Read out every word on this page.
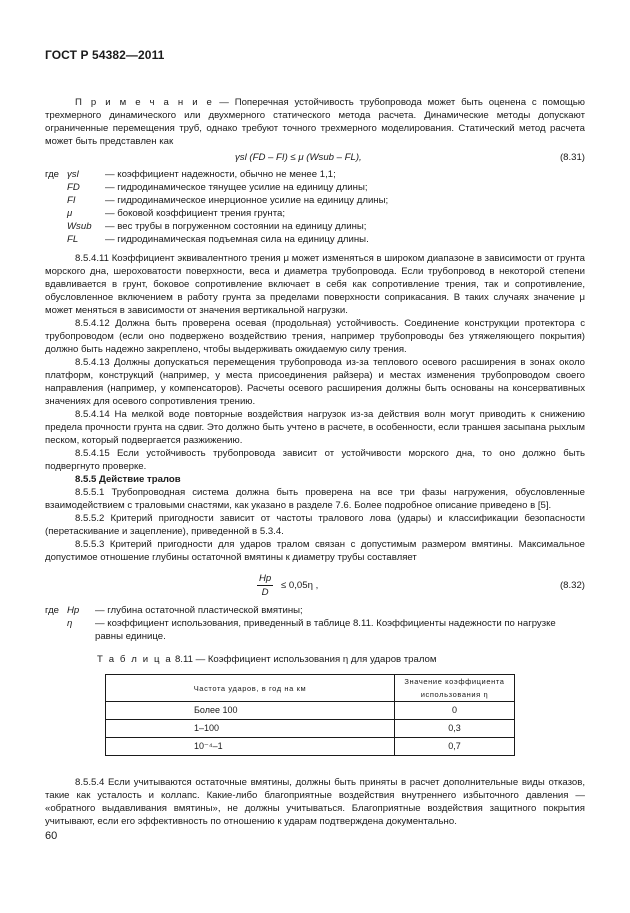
ГОСТ Р 54382—2011

П р и м е ч а н и е — Поперечная устойчивость трубопровода может быть оценена с помощью трехмерного динамического или двухмерного статического метода расчета. Динамические методы допускают ограниченные перемещения труб, однако требуют точного трехмерного моделирования. Статический метод расчета может быть представлен как

γsl (FD – FI) ≤ μ (Wsub – FL),	(8.31)
где γsl	— коэффициент надежности, обычно не менее 1,1;
FD	— гидродинамическое тянущее усилие на единицу длины;
FI	— гидродинамическое инерционное усилие на единицу длины;
μ	— боковой коэффициент трения грунта;
Wsub — вес трубы в погруженном состоянии на единицу длины;
FL	— гидродинамическая подъемная сила на единицу длины.

8.5.4.11 Коэффициент эквивалентного трения μ может изменяться в широком диапазоне в зависимости от грунта морского дна, шероховатости поверхности, веса и диаметра трубопровода. Если трубопровод в некоторой степени вдавливается в грунт, боковое сопротивление включает в себя как сопротивление трения, так и сопротивление, обусловленное включением в работу грунта за пределами поверхности соприкасания. В таких случаях значение μ может меняться в зависимости от значения вертикальной нагрузки.

8.5.4.12 Должна быть проверена осевая (продольная) устойчивость. Соединение конструкции протектора с трубопроводом (если оно подвержено воздействию трения, например трубопроводы без утяжеляющего покрытия) должно быть надежно закреплено, чтобы выдерживать ожидаемую силу трения.

8.5.4.13 Должны допускаться перемещения трубопровода из-за теплового осевого расширения в зонах около платформ, конструкций (например, у места присоединения райзера) и местах изменения трубопроводом своего направления (например, у компенсаторов). Расчеты осевого расширения должны быть основаны на консервативных значениях для осевого сопротивления трению.

8.5.4.14 На мелкой воде повторные воздействия нагрузок из-за действия волн могут приводить к снижению предела прочности грунта на сдвиг. Это должно быть учтено в расчете, в особенности, если траншея засыпана рыхлым песком, который подвергается разжижению.

8.5.4.15 Если устойчивость трубопровода зависит от устойчивости морского дна, то оно должно быть подвергнуто проверке.

8.5.5 Действие тралов

8.5.5.1 Трубопроводная система должна быть проверена на все три фазы нагружения, обусловленные взаимодействием с траловыми снастями, как указано в разделе 7.6. Более подробное описание приведено в [5].

8.5.5.2 Критерий пригодности зависит от частоты тралового лова (удары) и классификации безопасности (перетаскивание и зацепление), приведенной в 5.3.4.

8.5.5.3 Критерий пригодности для ударов тралом связан с допустимым размером вмятины. Максимальное допустимое отношение глубины остаточной вмятины к диаметру трубы составляет

$\frac{Hp}{D} \le 0,05\eta$ ,	(8.32)
где Hp — глубина остаточной пластической вмятины;
η — коэффициент использования, приведенный в таблице 8.11. Коэффициенты надежности по нагрузке равны единице.
Т а б л и ц а 8.11 — Коэффициент использования η для ударов тралом
Частота ударов, в год на км	Значение коэффициента использования η
Более 100	0
1–100	0,3
10⁻⁴–1	0,7

8.5.5.4 Если учитываются остаточные вмятины, должны быть приняты в расчет дополнительные виды отказов, такие как усталость и коллапс. Какие-либо благоприятные воздействия внутреннего избыточного давления — «обратного выдавливания вмятины», не должны учитываться. Благоприятные воздействия защитного покрытия учитывают, если его эффективность по отношению к ударам подтверждена документально.

60
